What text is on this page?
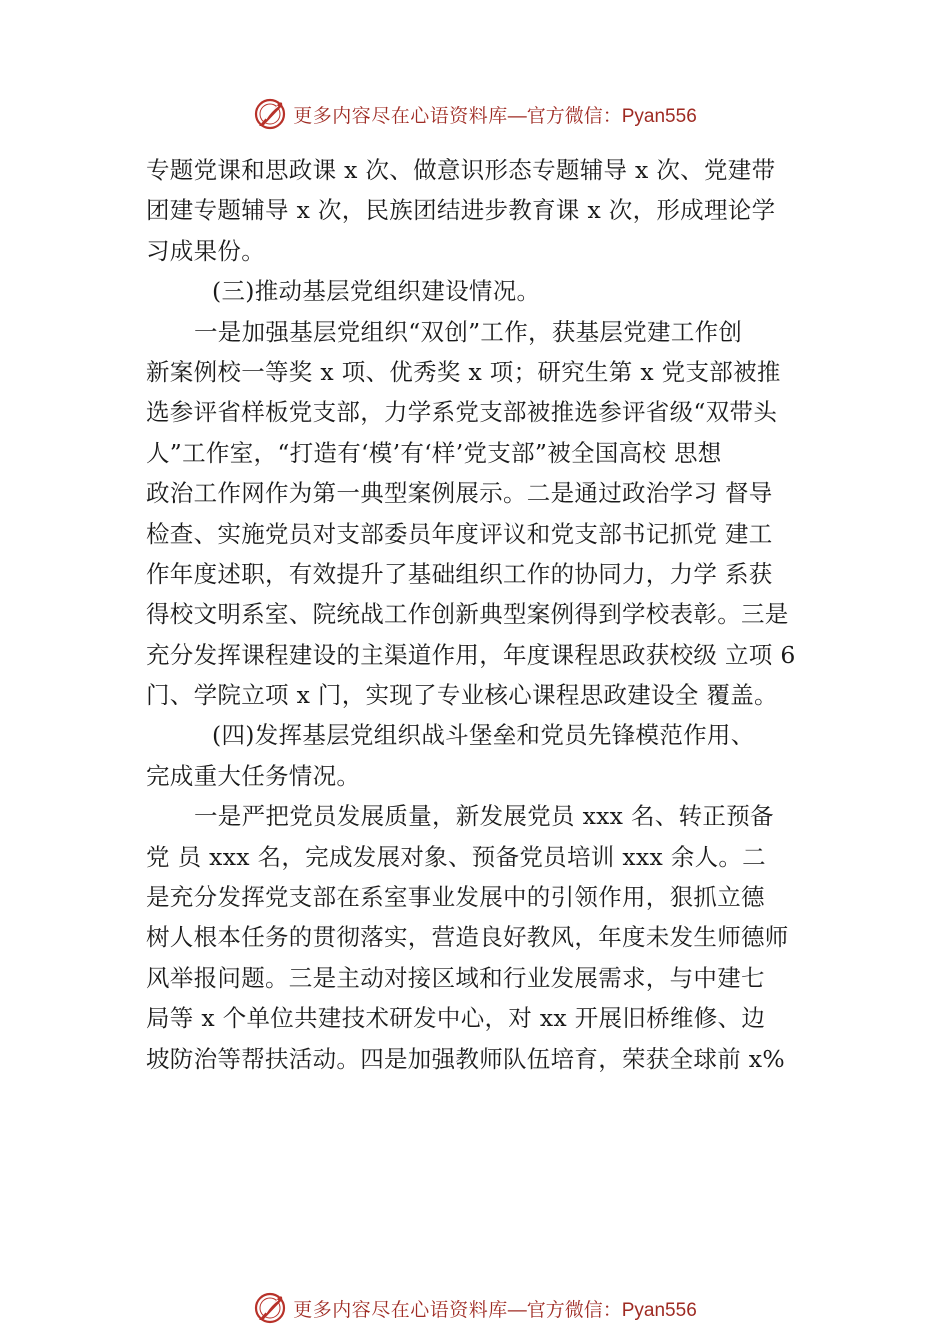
更多内容尽在心语资料库 —官方微信：Pyan556
专题党课和思政课 x 次、做意识形态专题辅导 x 次、党建带
团建专题辅导 x 次，民族团结进步教育课 x 次，形成理论学
习成果份。
(三)推动基层党组织建设情况。
一是加强基层党组织“双创”工作，获基层党建工作创
新案例校一等奖 x 项、优秀奖 x 项；研究生第 x 党支部被推
选参评省样板党支部，力学系党支部被推选参评省级“双带头
人”工作室，“打造有‘模’有‘样’党支部”被全国高校 思想
政治工作网作为第一典型案例展示。二是通过政治学习 督导
检查、实施党员对支部委员年度评议和党支部书记抓党 建工
作年度述职，有效提升了基础组织工作的协同力，力学 系获
得校文明系室、院统战工作创新典型案例得到学校表彰。三是
充分发挥课程建设的主渠道作用，年度课程思政获校级 立项 6
门、学院立项 x 门，实现了专业核心课程思政建设全 覆盖。
(四)发挥基层党组织战斗堡垒和党员先锋模范作用、
完成重大任务情况。
一是严把党员发展质量，新发展党员 xxx 名、转正预备
党 员 xxx 名，完成发展对象、预备党员培训 xxx 余人。二
是充分发挥党支部在系室事业发展中的引领作用，狠抓立德
树人根本任务的贯彻落实，营造良好教风，年度未发生师德师
风举报问题。三是主动对接区域和行业发展需求，与中建七
局等 x 个单位共建技术研发中心，对 xx 开展旧桥维修、边
坡防治等帮扶活动。四是加强教师队伍培育，荣获全球前 x%
更多内容尽在心语资料库 —官方微信：Pyan556
